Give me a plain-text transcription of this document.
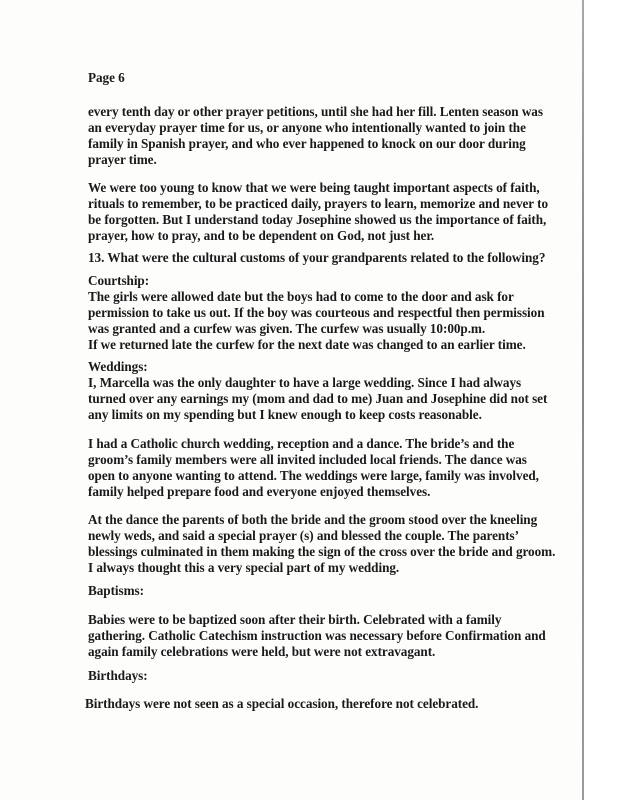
Page 6
every tenth day or other prayer petitions, until she had her fill. Lenten season was
an everyday prayer time for us, or anyone who intentionally wanted to join the
family in Spanish prayer, and who ever happened to knock on our door during
prayer time.
We were too young to know that we were being taught important aspects of faith,
rituals to remember, to be practiced daily, prayers to learn, memorize and never to
be forgotten. But I understand today Josephine showed us the importance of faith,
prayer, how to pray, and to be dependent on God, not just her.
13. What were the cultural customs of your grandparents related to the following?
Courtship:
The girls were allowed date but the boys had to come to the door and ask for
permission to take us out. If the boy was courteous and respectful then permission
was granted and a curfew was given. The curfew was usually 10:00p.m.
If we returned late the curfew for the next date was changed to an earlier time.
Weddings:
I, Marcella was the only daughter to have a large wedding. Since I had always
turned over any earnings my (mom and dad to me) Juan and Josephine did not set
any limits on my spending but I knew enough to keep costs reasonable.
I had a Catholic church wedding, reception and a dance. The bride’s and the
groom’s family members were all invited included local friends. The dance was
open to anyone wanting to attend. The weddings were large, family was involved,
family helped prepare food and everyone enjoyed themselves.
At the dance the parents of both the bride and the groom stood over the kneeling
newly weds, and said a special prayer (s) and blessed the couple. The parents’
blessings culminated in them making the sign of the cross over the bride and groom.
I always thought this a very special part of my wedding.
Baptisms:
Babies were to be baptized soon after their birth. Celebrated with a family
gathering. Catholic Catechism instruction was necessary before Confirmation and
again family celebrations were held, but were not extravagant.
Birthdays:
Birthdays were not seen as a special occasion, therefore not celebrated.
